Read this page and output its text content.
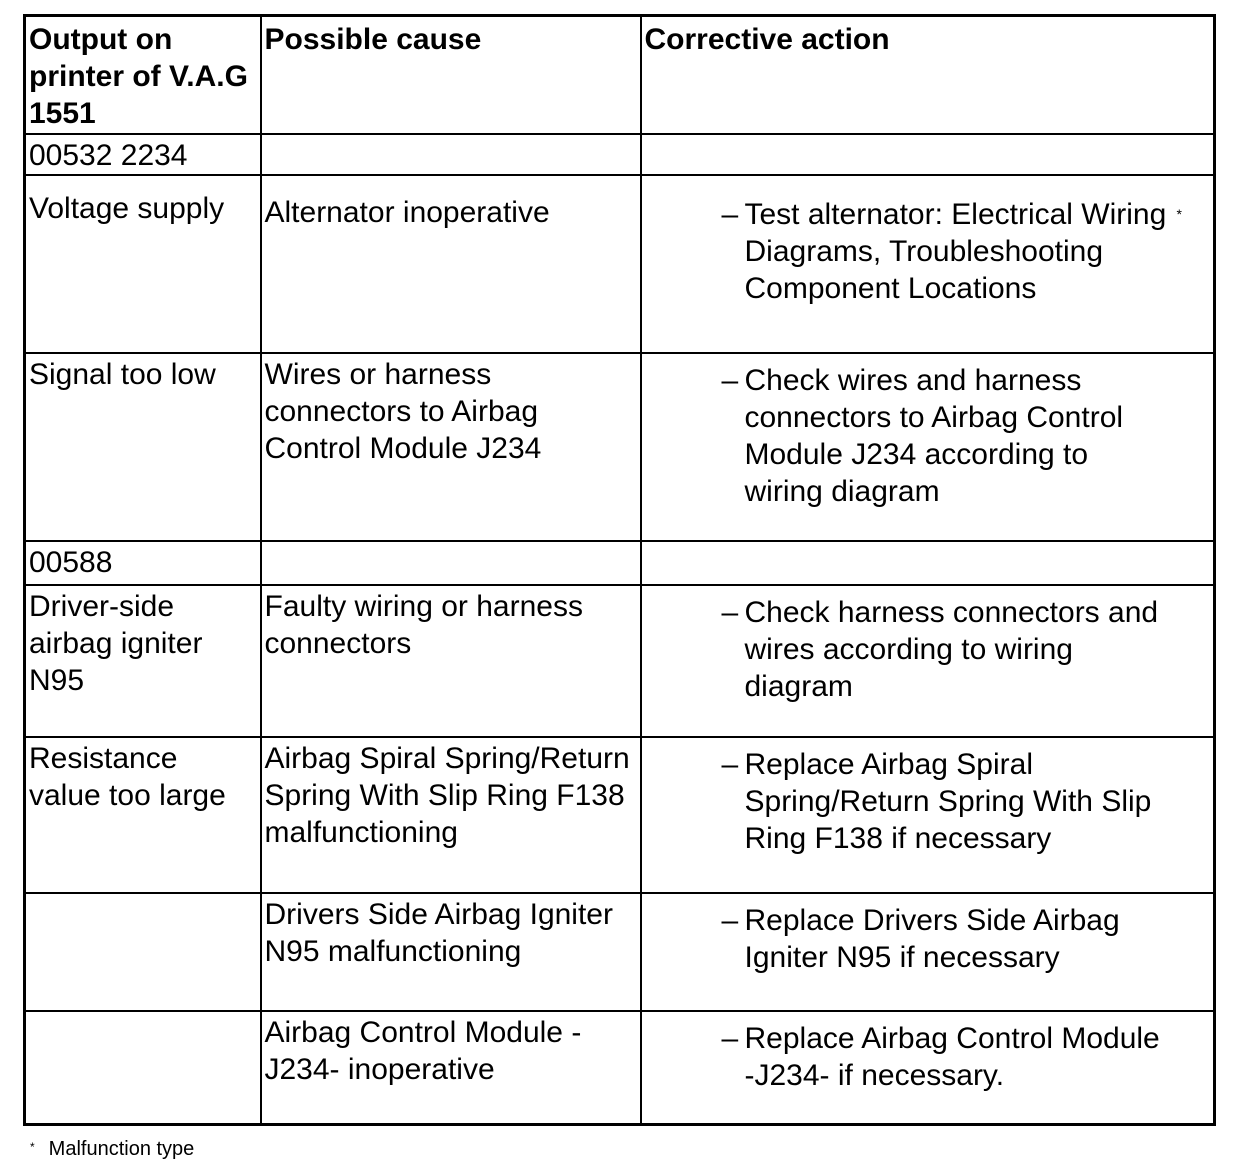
Output on printer of V.A.G 1551	Possible cause	Corrective action
00532 2234		
Voltage supply	Alternator inoperative	– Test alternator: Electrical Wiring Diagrams, Troubleshooting Component Locations
*

Signal too low	Wires or harness connectors to Airbag Control Module J234	– Check wires and harness connectors to Airbag Control Module J234 according to wiring diagram

00588		
Driver-side airbag igniter N95	Faulty wiring or harness connectors	– Check harness connectors and wires according to wiring diagram

Resistance value too large	Airbag Spiral Spring/Return Spring With Slip Ring F138 malfunctioning	– Replace Airbag Spiral Spring/Return Spring With Slip Ring F138 if necessary

	Drivers Side Airbag Igniter N95 malfunctioning	– Replace Drivers Side Airbag Igniter N95 if necessary

	Airbag Control Module -J234- inoperative	– Replace Airbag Control Module -J234- if necessary.
* Malfunction type
